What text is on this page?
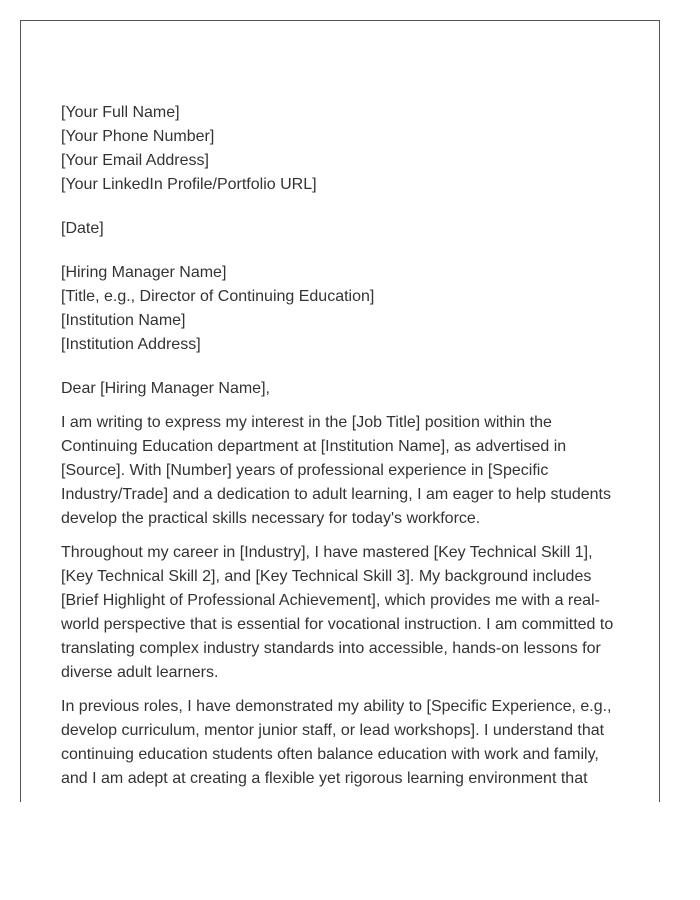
[Your Full Name]
[Your Phone Number]
[Your Email Address]
[Your LinkedIn Profile/Portfolio URL]
[Date]
[Hiring Manager Name]
[Title, e.g., Director of Continuing Education]
[Institution Name]
[Institution Address]

Dear [Hiring Manager Name],

I am writing to express my interest in the [Job Title] position within the Continuing Education department at [Institution Name], as advertised in [Source]. With [Number] years of professional experience in [Specific Industry/Trade] and a dedication to adult learning, I am eager to help students develop the practical skills necessary for today's workforce.

Throughout my career in [Industry], I have mastered [Key Technical Skill 1], [Key Technical Skill 2], and [Key Technical Skill 3]. My background includes [Brief Highlight of Professional Achievement], which provides me with a real-world perspective that is essential for vocational instruction. I am committed to translating complex industry standards into accessible, hands-on lessons for diverse adult learners.

In previous roles, I have demonstrated my ability to [Specific Experience, e.g., develop curriculum, mentor junior staff, or lead workshops]. I understand that continuing education students often balance education with work and family, and I am adept at creating a flexible yet rigorous learning environment that
